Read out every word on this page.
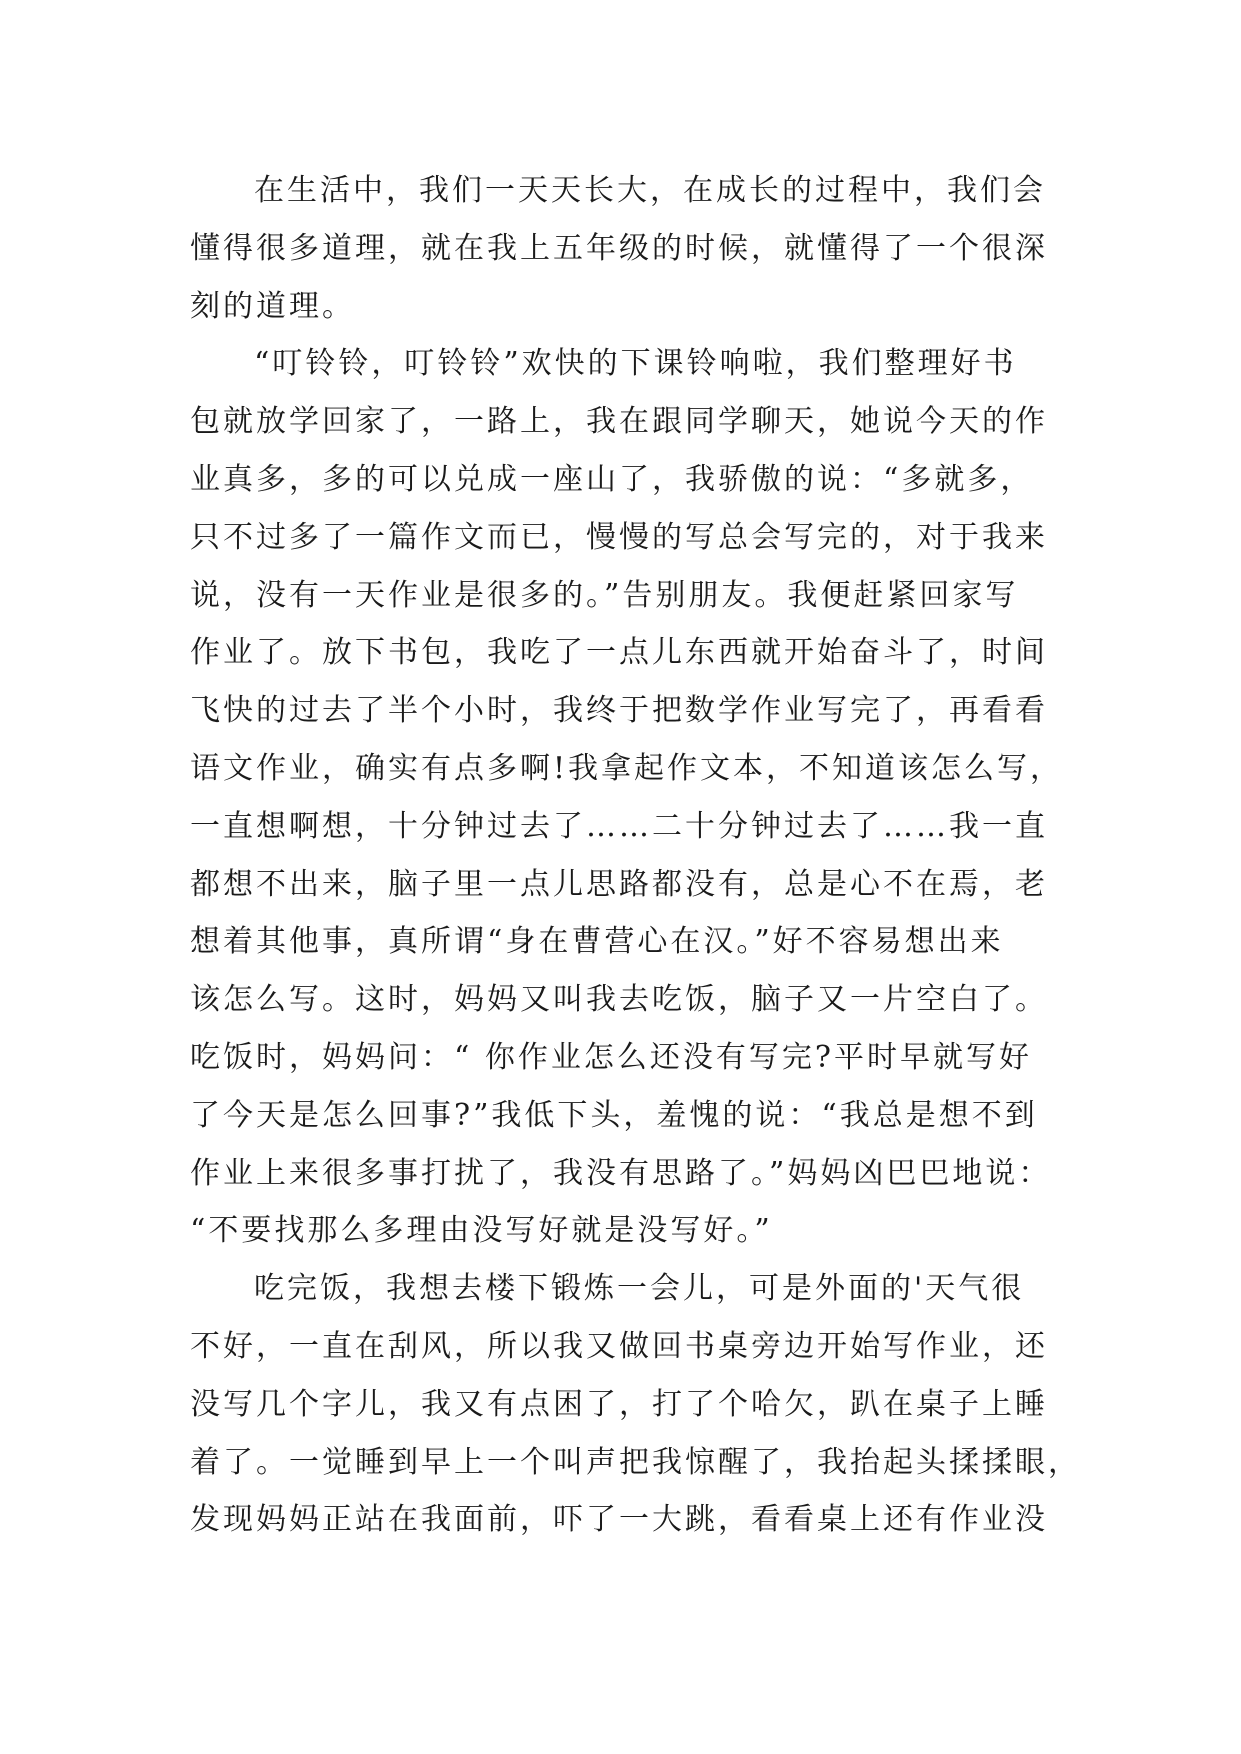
在生活中，我们一天天长大，在成长的过程中，我们会
懂得很多道理，就在我上五年级的时候，就懂得了一个很深
刻的道理。
“叮铃铃，叮铃铃”欢快的下课铃响啦，我们整理好书
包就放学回家了，一路上，我在跟同学聊天，她说今天的作
业真多，多的可以兑成一座山了，我骄傲的说：“多就多，
只不过多了一篇作文而已，慢慢的写总会写完的，对于我来
说，没有一天作业是很多的。”告别朋友。我便赶紧回家写
作业了。放下书包，我吃了一点儿东西就开始奋斗了，时间
飞快的过去了半个小时，我终于把数学作业写完了，再看看
语文作业，确实有点多啊!我拿起作文本，不知道该怎么写，
一直想啊想，十分钟过去了……二十分钟过去了……我一直
都想不出来，脑子里一点儿思路都没有，总是心不在焉，老
想着其他事，真所谓“身在曹营心在汉。”好不容易想出来
该怎么写。这时，妈妈又叫我去吃饭，脑子又一片空白了。
吃饭时，妈妈问：“ 你作业怎么还没有写完?平时早就写好
了今天是怎么回事?”我低下头，羞愧的说：“我总是想不到
作业上来很多事打扰了，我没有思路了。”妈妈凶巴巴地说：
“不要找那么多理由没写好就是没写好。”
吃完饭，我想去楼下锻炼一会儿，可是外面的'天气很
不好，一直在刮风，所以我又做回书桌旁边开始写作业，还
没写几个字儿，我又有点困了，打了个哈欠，趴在桌子上睡
着了。一觉睡到早上一个叫声把我惊醒了，我抬起头揉揉眼，
发现妈妈正站在我面前，吓了一大跳，看看桌上还有作业没
